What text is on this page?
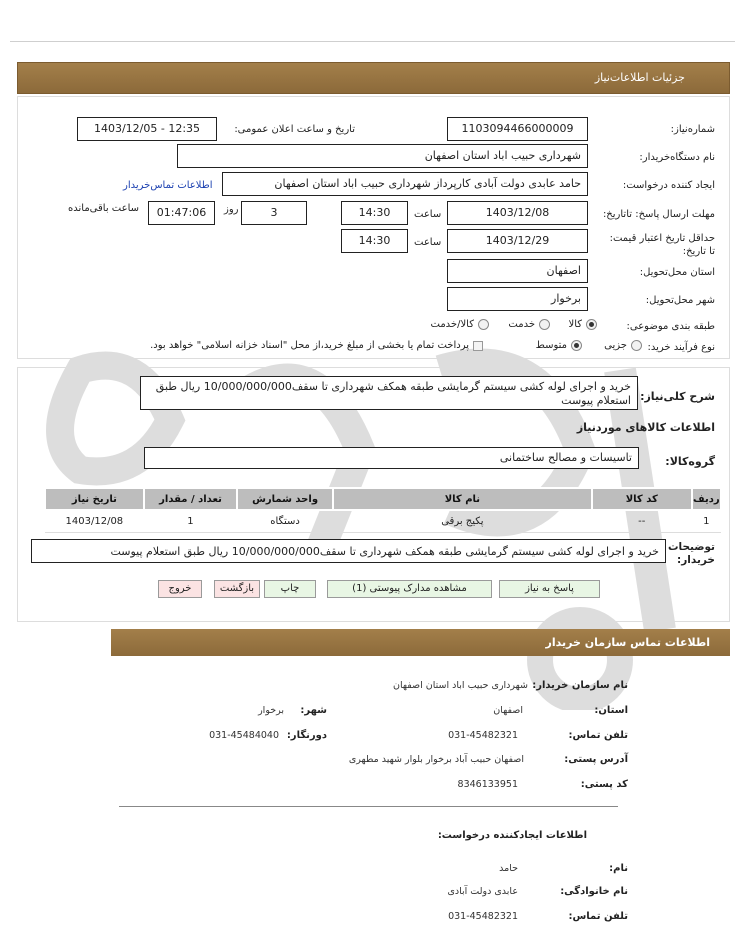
جزئیات اطلاعات‌نیاز
شماره‌نیاز:
1103094466000009
تاریخ و ساعت اعلان عمومی:
1403/12/05 - 12:35
نام دستگاه‌خریدار:
شهرداری حبیب اباد استان اصفهان
ایجاد کننده درخواست:
حامد عابدی دولت آبادی کارپرداز شهرداری حبیب اباد استان اصفهان
اطلاعات تماس‌خریدار
مهلت ارسال پاسخ: تاتاریخ:
1403/12/08
ساعت
14:30
3
روز
01:47:06
ساعت باقی‌مانده
حداقل تاریخ اعتبار قیمت: تا تاریخ:
1403/12/29
ساعت
14:30
استان محل‌تحویل:
اصفهان
شهر محل‌تحویل:
برخوار
طبقه بندی موضوعی:
کالا
خدمت
کالا/خدمت
نوع فرآیند خرید:
جزیی
متوسط
پرداخت تمام یا بخشی از مبلغ خرید،از محل "اسناد خزانه اسلامی" خواهد بود.
شرح کلی‌نیاز:
خرید و اجرای لوله کشی سیستم گرمایشی طبقه همکف شهرداری تا سقف10/000/000/000 ریال طبق استعلام پیوست
اطلاعات کالاهای موردنیاز
گروه‌کالا:
تاسیسات و مصالح ساختمانی
ردیف	کد کالا	نام کالا	واحد شمارش	تعداد / مقدار	تاریخ نیاز
1	--	پکیج برقی	دستگاه	1	1403/12/08
توضیحات خریدار:
خرید و اجرای لوله کشی سیستم گرمایشی طبقه همکف شهرداری تا سقف10/000/000/000 ریال طبق استعلام پیوست
پاسخ به نیاز
مشاهده مدارک پیوستی (1)
چاپ
بازگشت
خروج
اطلاعات تماس سازمان خریدار
نام سازمان خریدار:
شهرداری حبیب اباد استان اصفهان
استان:
اصفهان
شهر:
برخوار
تلفن تماس:
031-45482321
دورنگار:
031-45484040
آدرس پستی:
اصفهان حبیب آباد برخوار بلوار شهید مطهری
کد پستی:
8346133951
اطلاعات ایجادکننده درخواست:
نام:
حامد
نام خانوادگی:
عابدی دولت آبادی
تلفن تماس:
031-45482321
